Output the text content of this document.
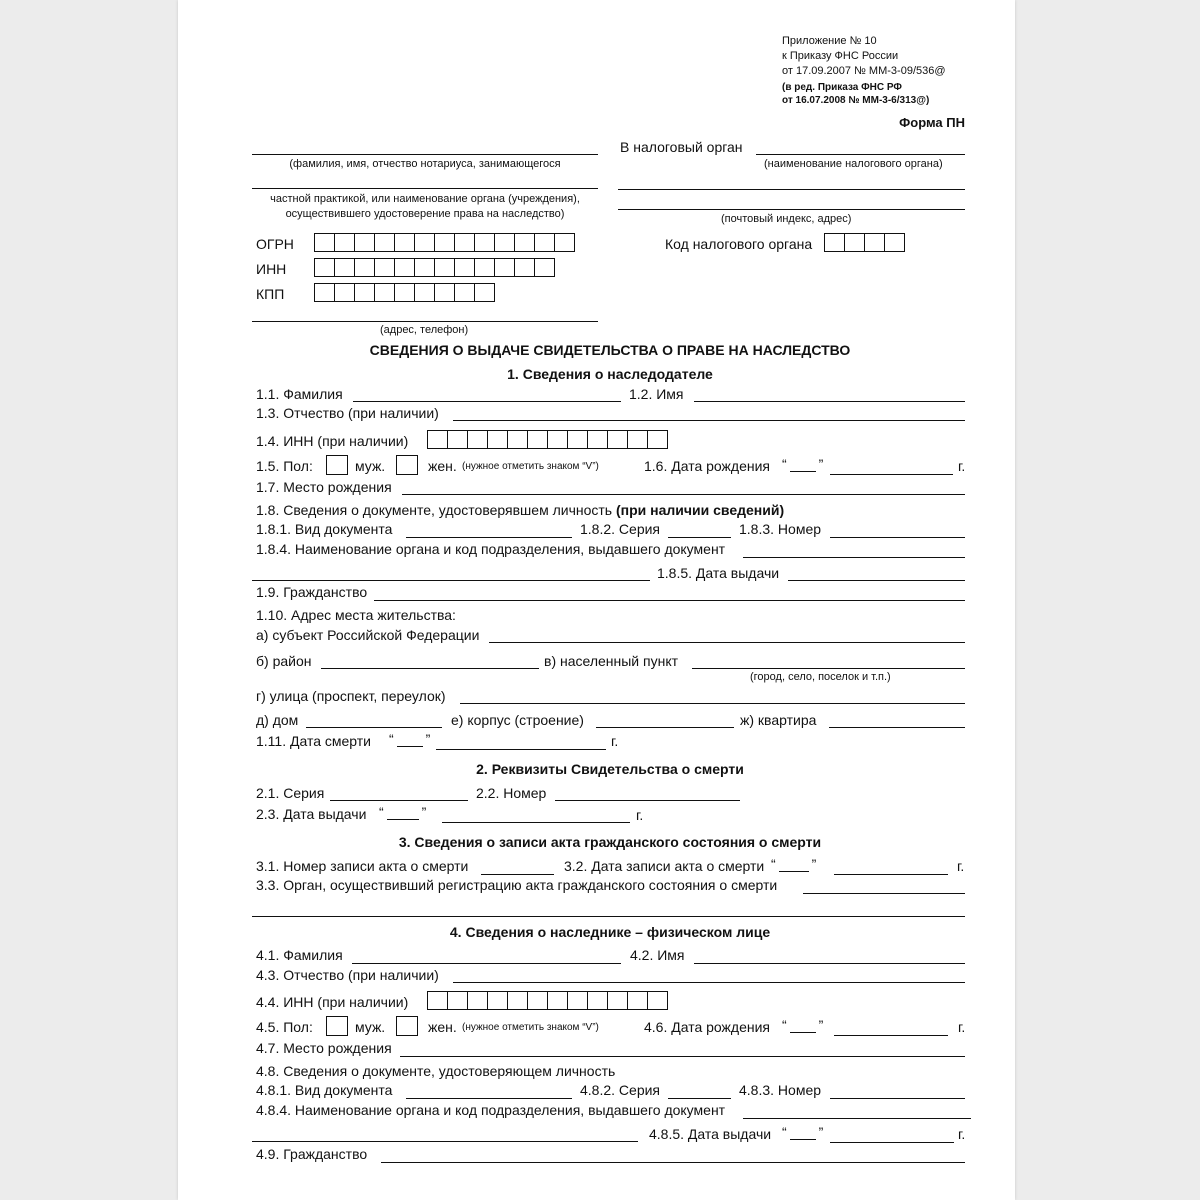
Приложение № 10
к Приказу ФНС России
от 17.09.2007 № ММ-3-09/536@
(в ред. Приказа ФНС РФ
от 16.07.2008 № ММ-3-6/313@)
Форма ПН
(фамилия, имя, отчество нотариуса, занимающегося
частной практикой, или наименование органа (учреждения),
осуществившего удостоверение права на наследство)
ОГРН
ИНН
КПП
(адрес, телефон)
В налоговый орган
(наименование налогового органа)
(почтовый индекс, адрес)
Код налогового органа
СВЕДЕНИЯ О ВЫДАЧЕ СВИДЕТЕЛЬСТВА О ПРАВЕ НА НАСЛЕДСТВО
1. Сведения о наследодателе
1.1. Фамилия	1.2. Имя
1.3. Отчество (при наличии)
1.4. ИНН (при наличии)
1.5. Пол:	муж.	жен. (нужное отметить знаком “V”)	1.6. Дата рождения “ ”	г.
1.7. Место рождения
1.8. Сведения о документе, удостоверявшем личность (при наличии сведений)
1.8.1. Вид документа	1.8.2. Серия	1.8.3. Номер
1.8.4. Наименование органа и код подразделения, выдавшего документ
1.8.5. Дата выдачи
1.9. Гражданство
1.10. Адрес места жительства:
а) субъект Российской Федерации
б) район	в) населенный пункт
(город, село, поселок и т.п.)
г) улица (проспект, переулок)
д) дом	е) корпус (строение)	ж) квартира
1.11. Дата смерти “ ”	г.
2. Реквизиты Свидетельства о смерти
2.1. Серия	2.2. Номер
2.3. Дата выдачи “	”	г.
3. Сведения о записи акта гражданского состояния о смерти
3.1. Номер записи акта о смерти	3.2. Дата записи акта о смерти “	”	г.
3.3. Орган, осуществивший регистрацию акта гражданского состояния о смерти
4. Сведения о наследнике – физическом лице
4.1. Фамилия	4.2. Имя
4.3. Отчество (при наличии)
4.4. ИНН (при наличии)
4.5. Пол:	муж.	жен. (нужное отметить знаком “V”)	4.6. Дата рождения “ ”	г.
4.7. Место рождения
4.8. Сведения о документе, удостоверяющем личность
4.8.1. Вид документа	4.8.2. Серия	4.8.3. Номер
4.8.4. Наименование органа и код подразделения, выдавшего документ
4.8.5. Дата выдачи “ ”	г.
4.9. Гражданство
